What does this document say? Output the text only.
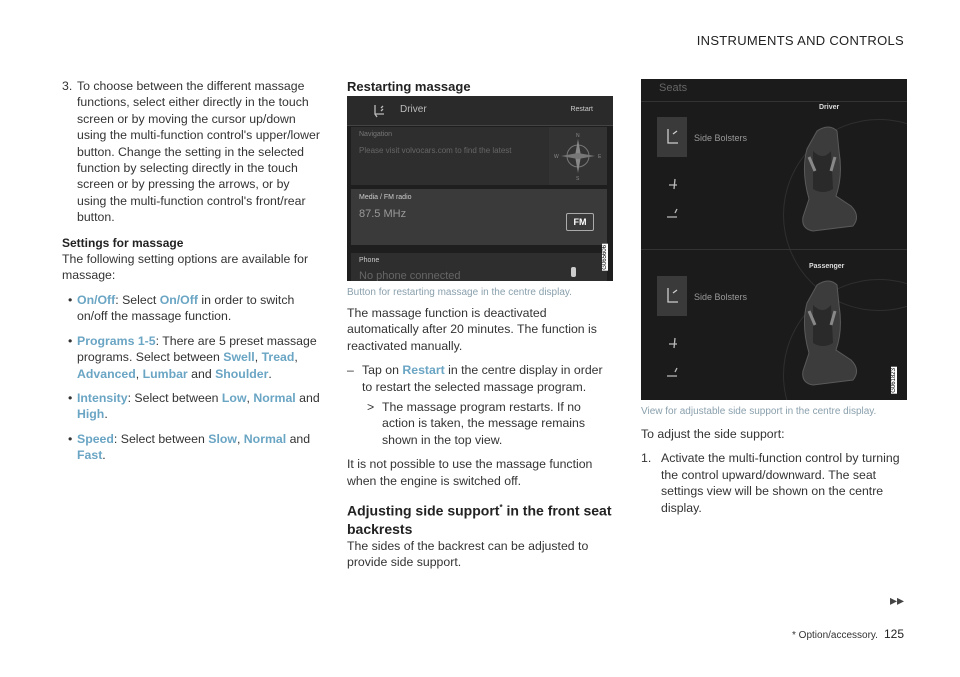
INSTRUMENTS AND CONTROLS
3. To choose between the different massage functions, select either directly in the touch screen or by moving the cursor up/down using the multi-function control's upper/lower button. Change the setting in the selected function by selecting directly in the touch screen or by pressing the arrows, or by using the multi-function control's front/rear button.
Settings for massage
The following setting options are available for massage:
• On/Off: Select On/Off in order to switch on/off the massage function.
• Programs 1-5: There are 5 preset massage programs. Select between Swell, Tread, Advanced, Lumbar and Shoulder.
• Intensity: Select between Low, Normal and High.
• Speed: Select between Slow, Normal and Fast.
Restarting massage
Driver	Restart
Navigation
Please visit volvocars.com to find the latest
N
S
W	E
Media / FM radio
87.5 MHz
FM
Phone
No phone connected
G065606
Button for restarting massage in the centre display.
The massage function is deactivated automatically after 20 minutes. The function is reactivated manually.
– Tap on Restart in the centre display in order to restart the selected massage program.
> The massage program restarts. If no action is taken, the message remains shown in the top view.
It is not possible to use the massage function when the engine is switched off.
Adjusting side support* in the front seat backrests
The sides of the backrest can be adjusted to provide side support.
Seats
Driver
Side Bolsters
Passenger
Side Bolsters
G061823
View for adjustable side support in the centre display.
To adjust the side support:
1. Activate the multi-function control by turning the control upward/downward. The seat settings view will be shown on the centre display.
▸▸
* Option/accessory. 125
